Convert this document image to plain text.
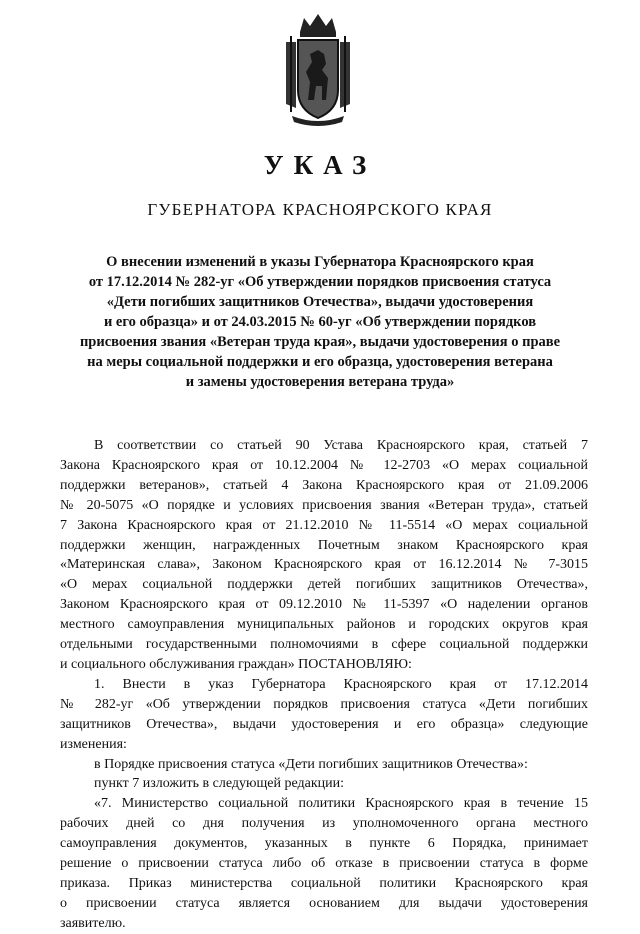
УКАЗ
ГУБЕРНАТОРА КРАСНОЯРСКОГО КРАЯ
О внесении изменений в указы Губернатора Красноярского края
от 17.12.2014 № 282-уг «Об утверждении порядков присвоения статуса
«Дети погибших защитников Отечества», выдачи удостоверения
и его образца» и от 24.03.2015 № 60-уг «Об утверждении порядков
присвоения звания «Ветеран труда края», выдачи удостоверения о праве
на меры социальной поддержки и его образца, удостоверения ветерана
и замены удостоверения ветерана труда»
В соответствии со статьей 90 Устава Красноярского края, статьей 7
Закона Красноярского края от 10.12.2004 № 12-2703 «О мерах социальной
поддержки ветеранов», статьей 4 Закона Красноярского края от 21.09.2006
№ 20-5075 «О порядке и условиях присвоения звания «Ветеран труда», статьей
7 Закона Красноярского края от 21.12.2010 № 11-5514 «О мерах социальной
поддержки женщин, награжденных Почетным знаком Красноярского края
«Материнская слава», Законом Красноярского края от 16.12.2014 № 7-3015
«О мерах социальной поддержки детей погибших защитников Отечества»,
Законом Красноярского края от 09.12.2010 № 11-5397 «О наделении органов
местного самоуправления муниципальных районов и городских округов края
отдельными государственными полномочиями в сфере социальной поддержки
и социального обслуживания граждан» ПОСТАНОВЛЯЮ:
1. Внести в указ Губернатора Красноярского края от 17.12.2014
№ 282-уг «Об утверждении порядков присвоения статуса «Дети погибших
защитников Отечества», выдачи удостоверения и его образца» следующие
изменения:
в Порядке присвоения статуса «Дети погибших защитников Отечества»:
пункт 7 изложить в следующей редакции:
«7. Министерство социальной политики Красноярского края в течение 15
рабочих дней со дня получения из уполномоченного органа местного
самоуправления документов, указанных в пункте 6 Порядка, принимает
решение о присвоении статуса либо об отказе в присвоении статуса в форме
приказа. Приказ министерства социальной политики Красноярского края
о присвоении статуса является основанием для выдачи удостоверения
заявителю.
